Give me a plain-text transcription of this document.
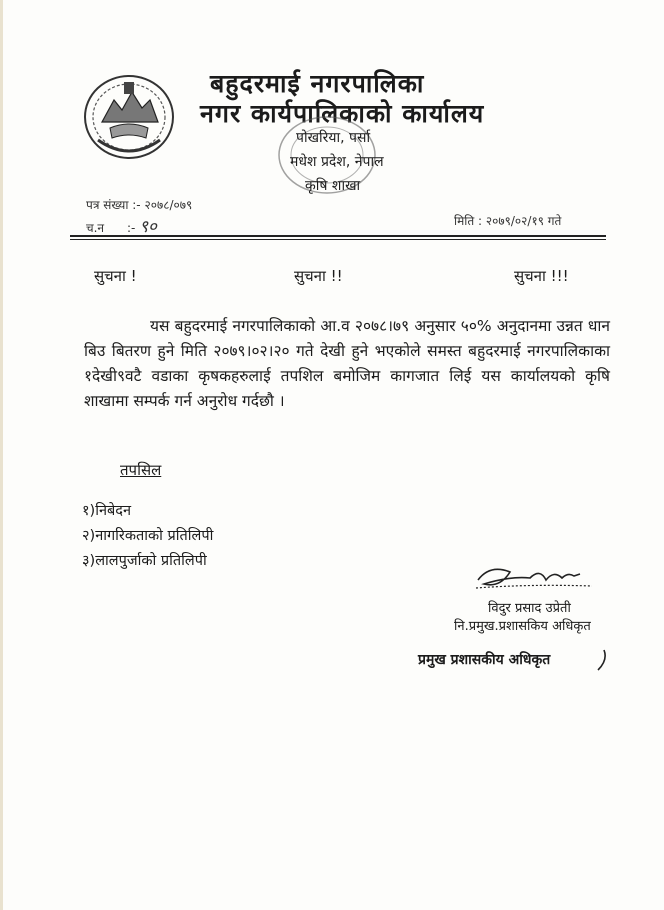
बहुदरमाई नगरपालिका
नगर कार्यपालिकाको कार्यालय
पोखरिया, पर्सा
मधेश प्रदेश, नेपाल
कृषि शाखा
पत्र संख्या :- २०७८/०७९
च.न :- ९०	मिति : २०७९/०२/१९ गते
सुचना !	सुचना !!	सुचना !!!
यस बहुदरमाई नगरपालिकाको आ.व २०७८।७९ अनुसार ५०% अनुदानमा उन्नत धान बिउ बितरण हुने मिति २०७९।०२।२० गते देखी हुने भएकोले समस्त बहुदरमाई नगरपालिकाका १देखी९वटै वडाका कृषकहरुलाई तपशिल बमोजिम कागजात लिई यस कार्यालयको कृषि शाखामा सम्पर्क गर्न अनुरोध गर्दछौ ।
तपसिल
१)निबेदन
२)नागरिकताको प्रतिलिपी
३)लालपुर्जाको प्रतिलिपी
विदुर प्रसाद उप्रेती
नि.प्रमुख.प्रशासकिय अधिकृत
प्रमुख प्रशासकीय अधिकृत
